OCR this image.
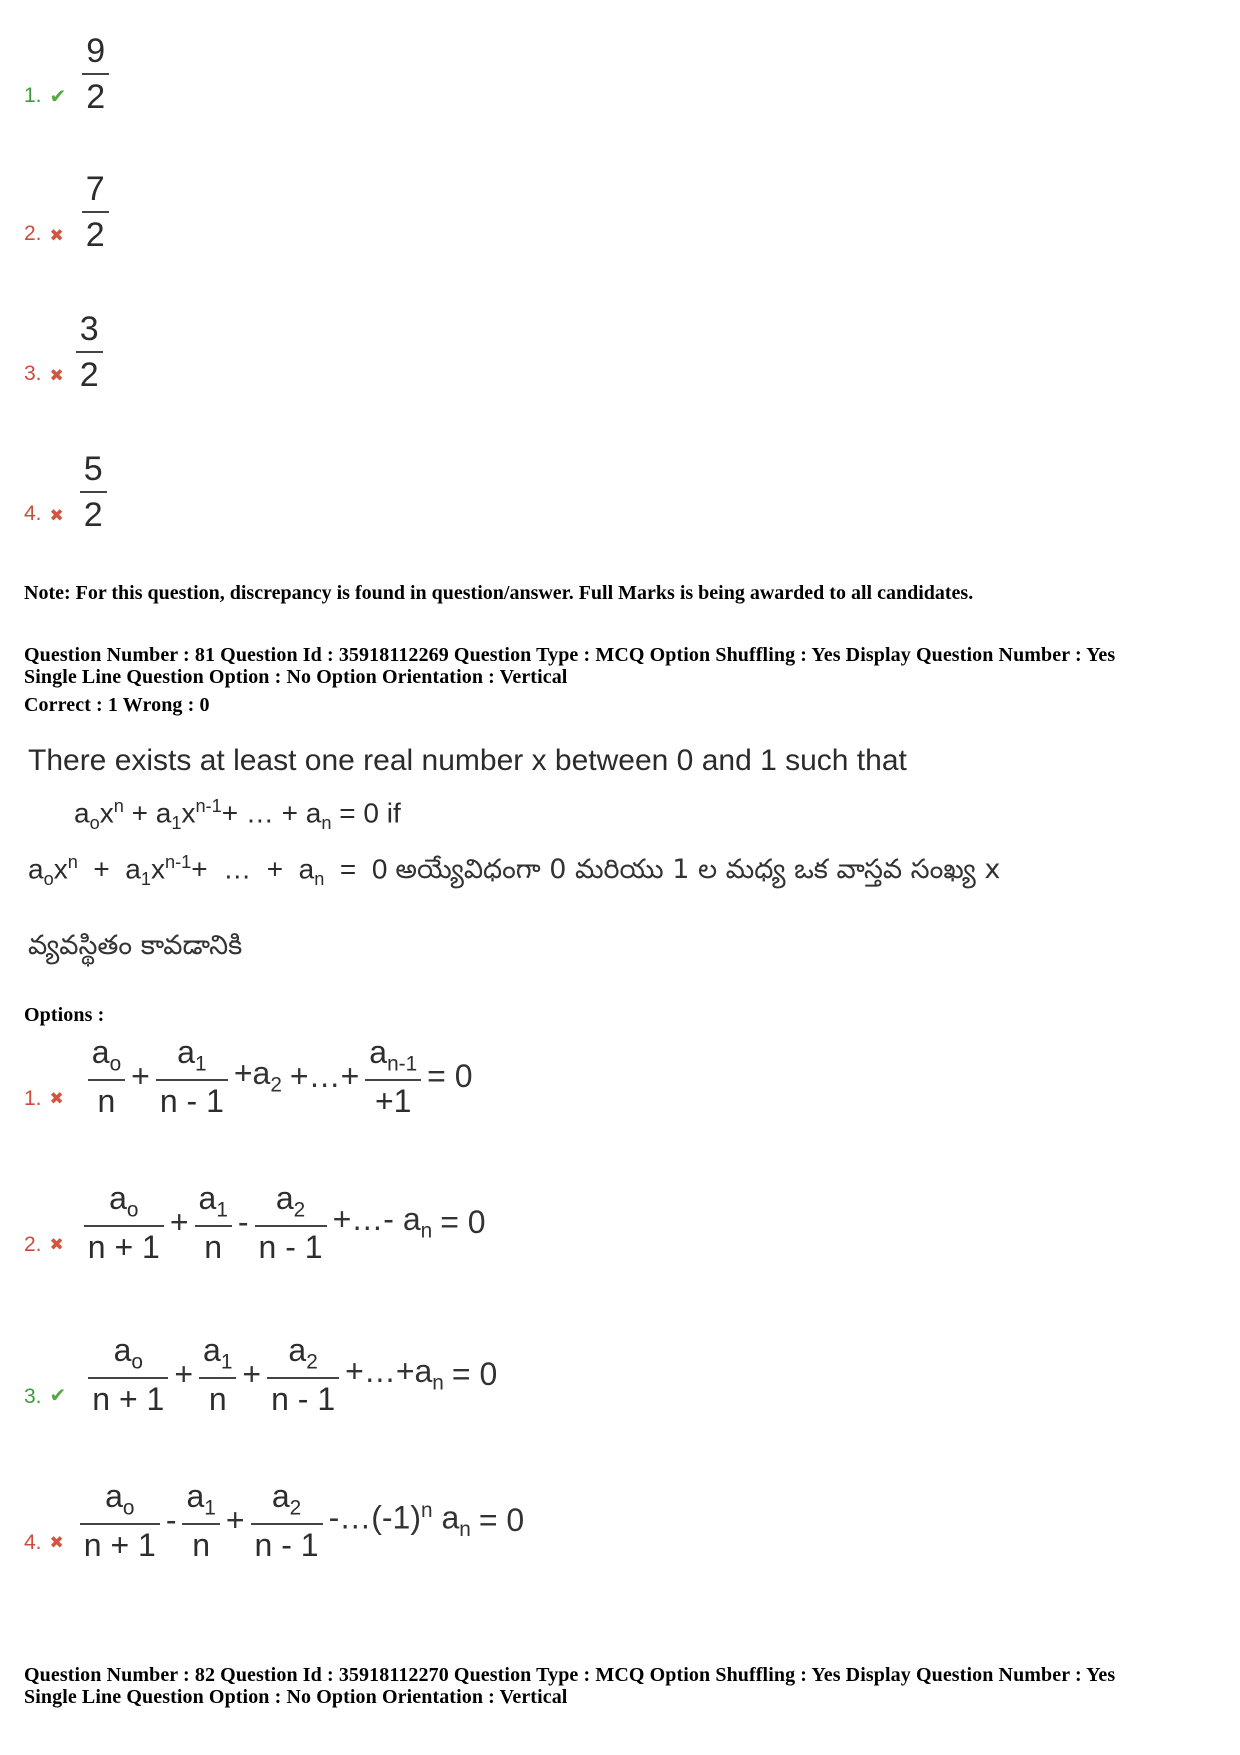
1. ✔ $\frac{9}{2}$
2. ✖ $\frac{7}{2}$
3. ✖ $\frac{3}{2}$
4. ✖ $\frac{5}{2}$
Note: For this question, discrepancy is found in question/answer. Full Marks is being awarded to all candidates.
Question Number : 81 Question Id : 35918112269 Question Type : MCQ Option Shuffling : Yes Display Question Number : Yes
Single Line Question Option : No Option Orientation : Vertical
Correct : 1 Wrong : 0
There exists at least one real number x between 0 and 1 such that
$a_ox^n + a_1x^{n-1}+$ … + $a_n = 0$ if
$a_ox^n + a_1x^{n-1}+$  …  +  $a_n = 0$ అయ్యేవిధంగా 0 మరియు 1 ల మధ్య ఒక వాస్తవ సంఖ్య x
వ్యవస్థితం కావడానికి
Options :
1. ✖ $\frac{a_o}{n} + \frac{a_1}{n - 1} +a_2$ +…+ $\frac{a_{n-1}}{+1} = 0$
2. ✖ $\frac{a_o}{n + 1} + \frac{a_1}{n} - \frac{a_2}{n - 1}$ +…- $a_n = 0$
3. ✔ $\frac{a_o}{n + 1} + \frac{a_1}{n} + \frac{a_2}{n - 1}$ $+\dots+a_n = 0$
4. ✖ $\frac{a_o}{n + 1} - \frac{a_1}{n} + \frac{a_2}{n - 1}$ $-\dots(-1)^n$ $a_n = 0$
Question Number : 82 Question Id : 35918112270 Question Type : MCQ Option Shuffling : Yes Display Question Number : Yes
Single Line Question Option : No Option Orientation : Vertical
